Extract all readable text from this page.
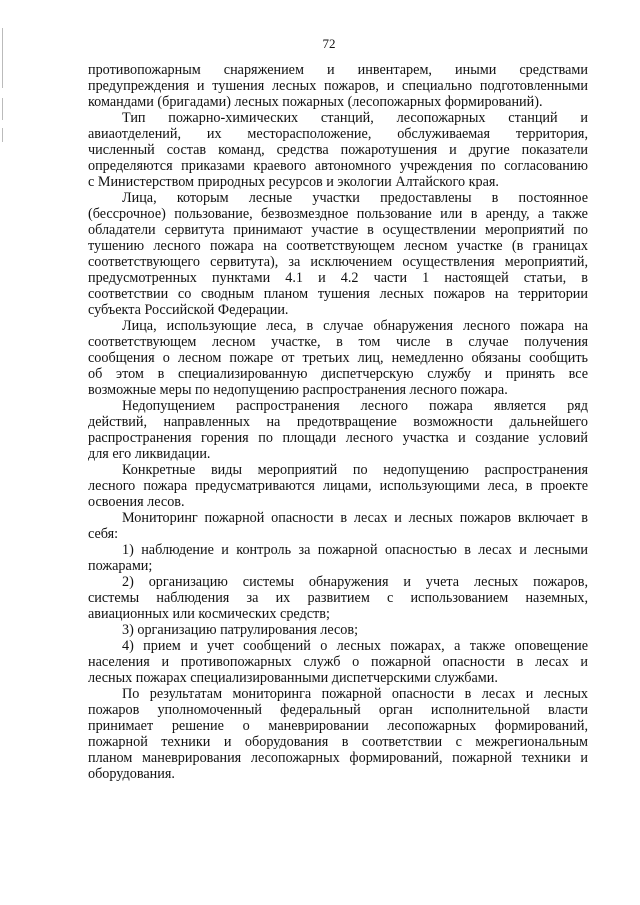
72
противопожарным снаряжением и инвентарем, иными средствами
предупреждения и тушения лесных пожаров, и специально подготовленными
командами (бригадами) лесных пожарных (лесопожарных формирований).
Тип пожарно-химических станций, лесопожарных станций и
авиаотделений, их месторасположение, обслуживаемая территория,
численный состав команд, средства пожаротушения и другие показатели
определяются приказами краевого автономного учреждения по согласованию
с Министерством природных ресурсов и экологии Алтайского края.
Лица, которым лесные участки предоставлены в постоянное
(бессрочное) пользование, безвозмездное пользование или в аренду, а также
обладатели сервитута принимают участие в осуществлении мероприятий по
тушению лесного пожара на соответствующем лесном участке (в границах
соответствующего сервитута), за исключением осуществления мероприятий,
предусмотренных пунктами 4.1 и 4.2 части 1 настоящей статьи, в
соответствии со сводным планом тушения лесных пожаров на территории
субъекта Российской Федерации.
Лица, использующие леса, в случае обнаружения лесного пожара на
соответствующем лесном участке, в том числе в случае получения
сообщения о лесном пожаре от третьих лиц, немедленно обязаны сообщить
об этом в специализированную диспетчерскую службу и принять все
возможные меры по недопущению распространения лесного пожара.
Недопущением распространения лесного пожара является ряд
действий, направленных на предотвращение возможности дальнейшего
распространения горения по площади лесного участка и создание условий
для его ликвидации.
Конкретные виды мероприятий по недопущению распространения
лесного пожара предусматриваются лицами, использующими леса, в проекте
освоения лесов.
Мониторинг пожарной опасности в лесах и лесных пожаров включает в
себя:
1) наблюдение и контроль за пожарной опасностью в лесах и лесными
пожарами;
2) организацию системы обнаружения и учета лесных пожаров,
системы наблюдения за их развитием с использованием наземных,
авиационных или космических средств;
3) организацию патрулирования лесов;
4) прием и учет сообщений о лесных пожарах, а также оповещение
населения и противопожарных служб о пожарной опасности в лесах и
лесных пожарах специализированными диспетчерскими службами.
По результатам мониторинга пожарной опасности в лесах и лесных
пожаров уполномоченный федеральный орган исполнительной власти
принимает решение о маневрировании лесопожарных формирований,
пожарной техники и оборудования в соответствии с межрегиональным
планом маневрирования лесопожарных формирований, пожарной техники и
оборудования.
